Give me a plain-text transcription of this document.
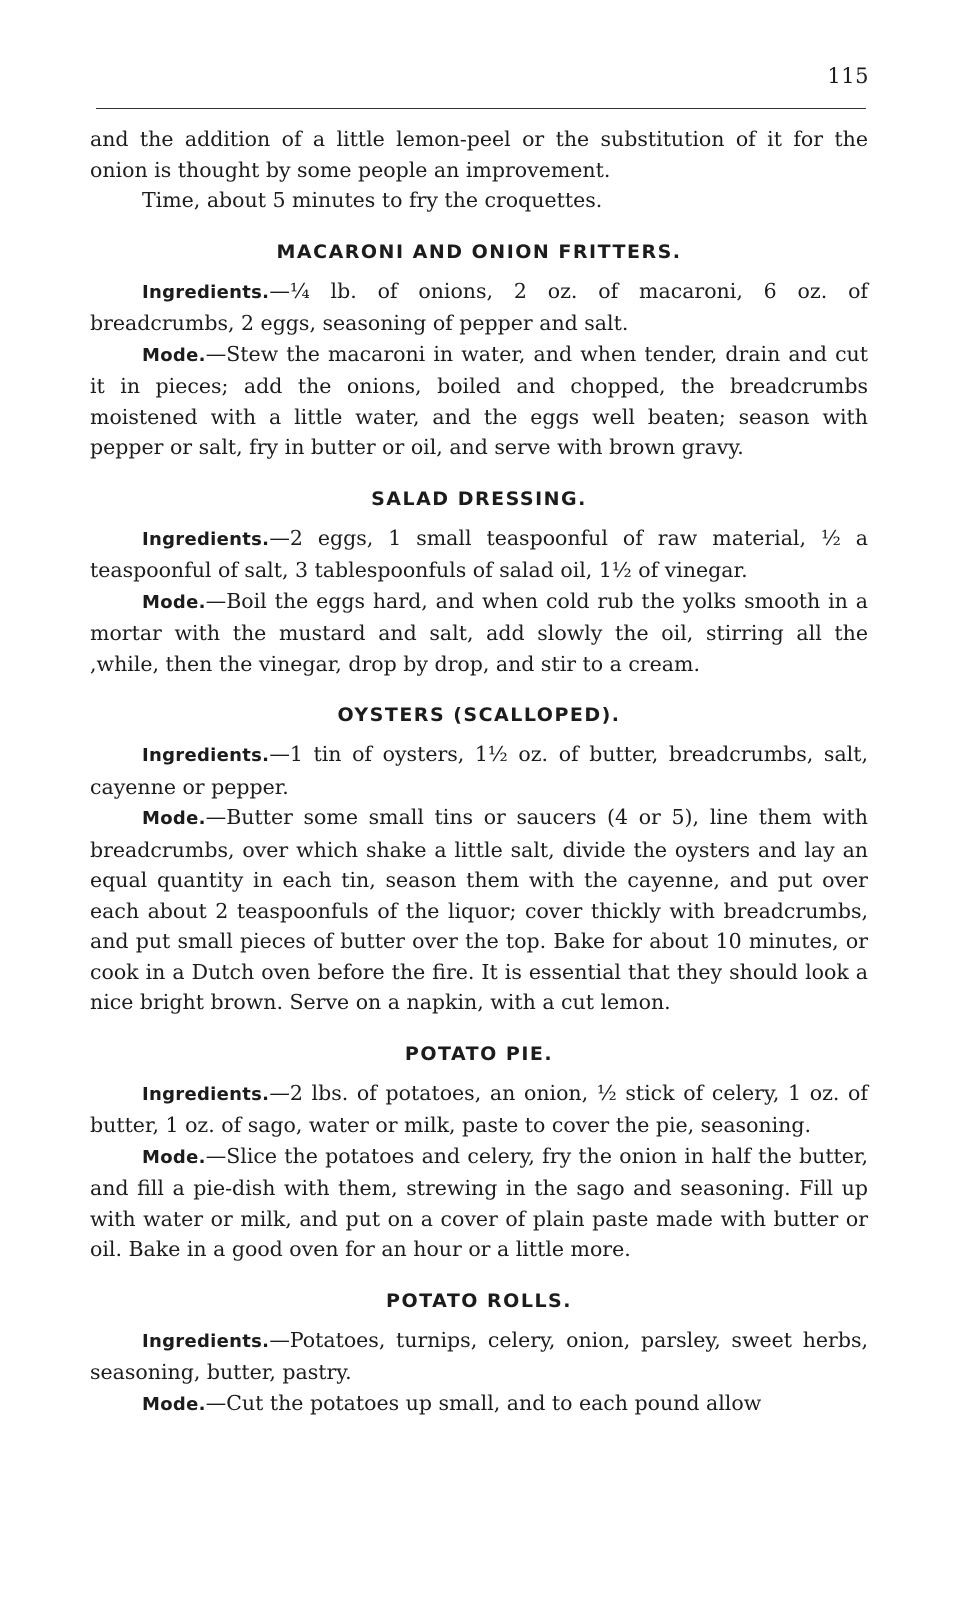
115

and the addition of a little lemon-peel or the substitution of it for the onion is thought by some people an improvement.

Time, about 5 minutes to fry the croquettes.

MACARONI AND ONION FRITTERS.

Ingredients.—¼ lb. of onions, 2 oz. of macaroni, 6 oz. of breadcrumbs, 2 eggs, seasoning of pepper and salt.

Mode.—Stew the macaroni in water, and when tender, drain and cut it in pieces; add the onions, boiled and chopped, the breadcrumbs moistened with a little water, and the eggs well beaten; season with pepper or salt, fry in butter or oil, and serve with brown gravy.

SALAD DRESSING.

Ingredients.—2 eggs, 1 small teaspoonful of raw material, ½ a teaspoonful of salt, 3 tablespoonfuls of salad oil, 1½ of vinegar.

Mode.—Boil the eggs hard, and when cold rub the yolks smooth in a mortar with the mustard and salt, add slowly the oil, stirring all the ,while, then the vinegar, drop by drop, and stir to a cream.

OYSTERS (SCALLOPED).

Ingredients.—1 tin of oysters, 1½ oz. of butter, breadcrumbs, salt, cayenne or pepper.

Mode.—Butter some small tins or saucers (4 or 5), line them with breadcrumbs, over which shake a little salt, divide the oysters and lay an equal quantity in each tin, season them with the cayenne, and put over each about 2 teaspoonfuls of the liquor; cover thickly with breadcrumbs, and put small pieces of butter over the top. Bake for about 10 minutes, or cook in a Dutch oven before the fire. It is essential that they should look a nice bright brown. Serve on a napkin, with a cut lemon.

POTATO PIE.

Ingredients.—2 lbs. of potatoes, an onion, ½ stick of celery, 1 oz. of butter, 1 oz. of sago, water or milk, paste to cover the pie, seasoning.

Mode.—Slice the potatoes and celery, fry the onion in half the butter, and fill a pie-dish with them, strewing in the sago and seasoning. Fill up with water or milk, and put on a cover of plain paste made with butter or oil. Bake in a good oven for an hour or a little more.

POTATO ROLLS.

Ingredients.—Potatoes, turnips, celery, onion, parsley, sweet herbs, seasoning, butter, pastry.

Mode.—Cut the potatoes up small, and to each pound allow
